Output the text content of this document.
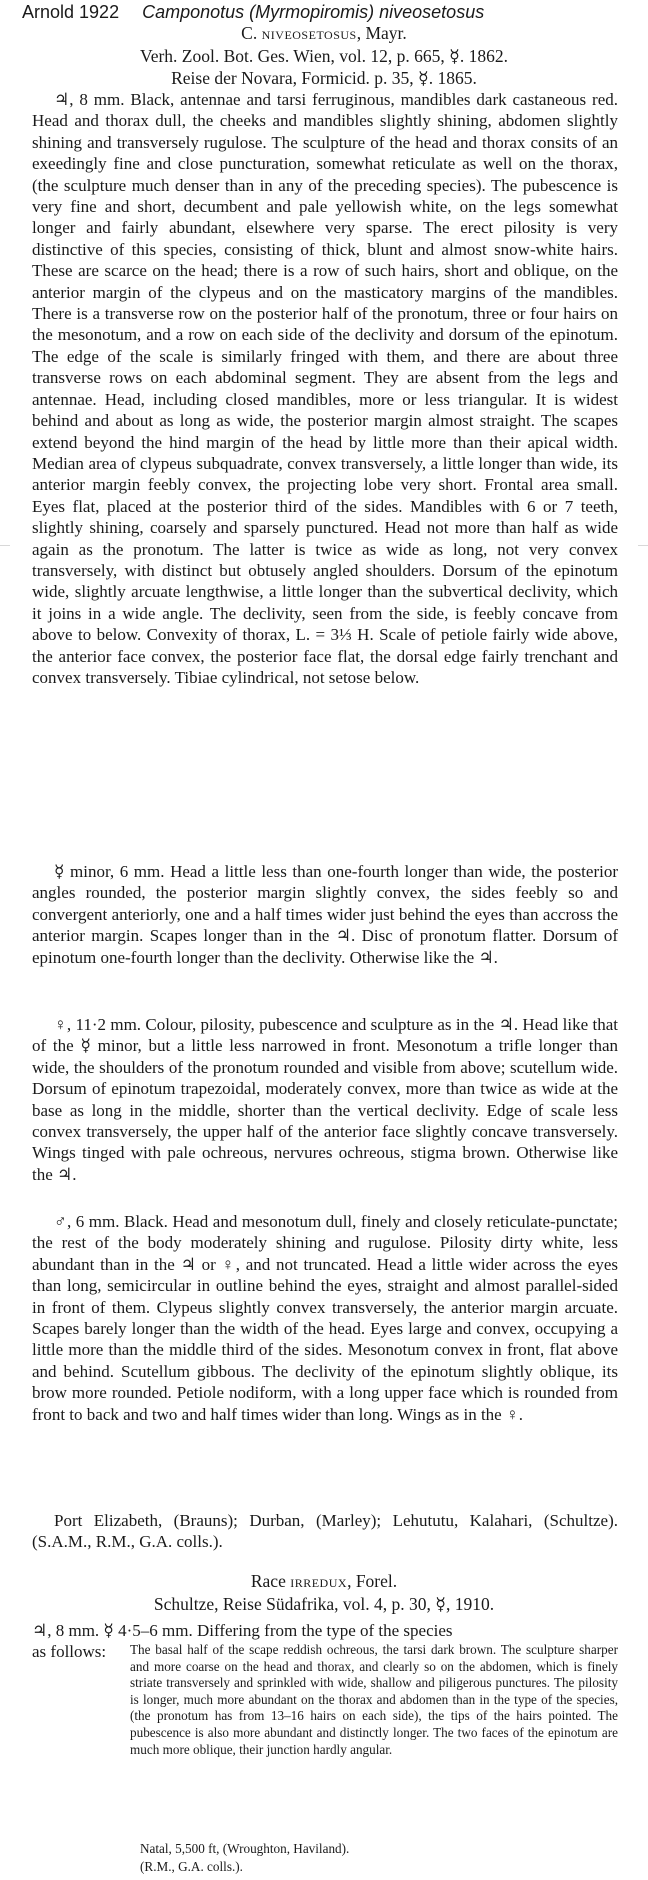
Arnold 1922 Camponotus (Myrmopiromis) niveosetosus
C. niveosetosus, Mayr.
Verh. Zool. Bot. Ges. Wien, vol. 12, p. 665, ☿. 1862.
Reise der Novara, Formicid. p. 35, ☿. 1865.

♃, 8 mm. Black, antennae and tarsi ferruginous, mandibles dark castaneous red. Head and thorax dull, the cheeks and mandibles slightly shining, abdomen slightly shining and transversely rugulose. The sculpture of the head and thorax consits of an exeedingly fine and close puncturation, somewhat reticulate as well on the thorax, (the sculpture much denser than in any of the preceding species). The pubescence is very fine and short, decumbent and pale yellowish white, on the legs somewhat longer and fairly abundant, elsewhere very sparse. The erect pilosity is very distinctive of this species, consisting of thick, blunt and almost snow-white hairs. These are scarce on the head; there is a row of such hairs, short and oblique, on the anterior margin of the clypeus and on the masticatory margins of the mandibles. There is a transverse row on the posterior half of the pronotum, three or four hairs on the mesonotum, and a row on each side of the declivity and dorsum of the epinotum. The edge of the scale is similarly fringed with them, and there are about three transverse rows on each abdominal segment. They are absent from the legs and antennae. Head, including closed mandibles, more or less triangular. It is widest behind and about as long as wide, the posterior margin almost straight. The scapes extend beyond the hind margin of the head by little more than their apical width. Median area of clypeus subquadrate, convex transversely, a little longer than wide, its anterior margin feebly convex, the projecting lobe very short. Frontal area small. Eyes flat, placed at the posterior third of the sides. Mandibles with 6 or 7 teeth, slightly shining, coarsely and sparsely punctured. Head not more than half as wide again as the pronotum. The latter is twice as wide as long, not very convex transversely, with distinct but obtusely angled shoulders. Dorsum of the epinotum wide, slightly arcuate lengthwise, a little longer than the subvertical declivity, which it joins in a wide angle. The declivity, seen from the side, is feebly concave from above to below. Convexity of thorax, L. = 3⅓ H. Scale of petiole fairly wide above, the anterior face convex, the posterior face flat, the dorsal edge fairly trenchant and convex transversely. Tibiae cylindrical, not setose below.

☿ minor, 6 mm. Head a little less than one-fourth longer than wide, the posterior angles rounded, the posterior margin slightly convex, the sides feebly so and convergent anteriorly, one and a half times wider just behind the eyes than accross the anterior margin. Scapes longer than in the ♃. Disc of pronotum flatter. Dorsum of epinotum one-fourth longer than the declivity. Otherwise like the ♃.

♀, 11·2 mm. Colour, pilosity, pubescence and sculpture as in the ♃. Head like that of the ☿ minor, but a little less narrowed in front. Mesonotum a trifle longer than wide, the shoulders of the pronotum rounded and visible from above; scutellum wide. Dorsum of epinotum trapezoidal, moderately convex, more than twice as wide at the base as long in the middle, shorter than the vertical declivity. Edge of scale less convex transversely, the upper half of the anterior face slightly concave transversely. Wings tinged with pale ochreous, nervures ochreous, stigma brown. Otherwise like the ♃.

♂, 6 mm. Black. Head and mesonotum dull, finely and closely reticulate-punctate; the rest of the body moderately shining and rugulose. Pilosity dirty white, less abundant than in the ♃ or ♀, and not truncated. Head a little wider across the eyes than long, semicircular in outline behind the eyes, straight and almost parallel-sided in front of them. Clypeus slightly convex transversely, the anterior margin arcuate. Scapes barely longer than the width of the head. Eyes large and convex, occupying a little more than the middle third of the sides. Mesonotum convex in front, flat above and behind. Scutellum gibbous. The declivity of the epinotum slightly oblique, its brow more rounded. Petiole nodiform, with a long upper face which is rounded from front to back and two and half times wider than long. Wings as in the ♀.

Port Elizabeth, (Brauns); Durban, (Marley); Lehututu, Kalahari, (Schultze). (S.A.M., R.M., G.A. colls.).

Race irredux, Forel.
Schultze, Reise Südafrika, vol. 4, p. 30, ☿, 1910.

♃, 8 mm. ☿ 4·5–6 mm. Differing from the type of the species

as follows:	The basal half of the scape reddish ochreous, the tarsi dark brown. The sculpture sharper and more coarse on the head and thorax, and clearly so on the abdomen, which is finely striate transversely and sprinkled with wide, shallow and piligerous punctures. The pilosity is longer, much more abundant on the thorax and abdomen than in the type of the species, (the pronotum has from 13–16 hairs on each side), the tips of the hairs pointed. The pubescence is also more abundant and distinctly longer. The two faces of the epinotum are much more oblique, their junction hardly angular.

Natal, 5,500 ft, (Wroughton, Haviland).

(R.M., G.A. colls.).
